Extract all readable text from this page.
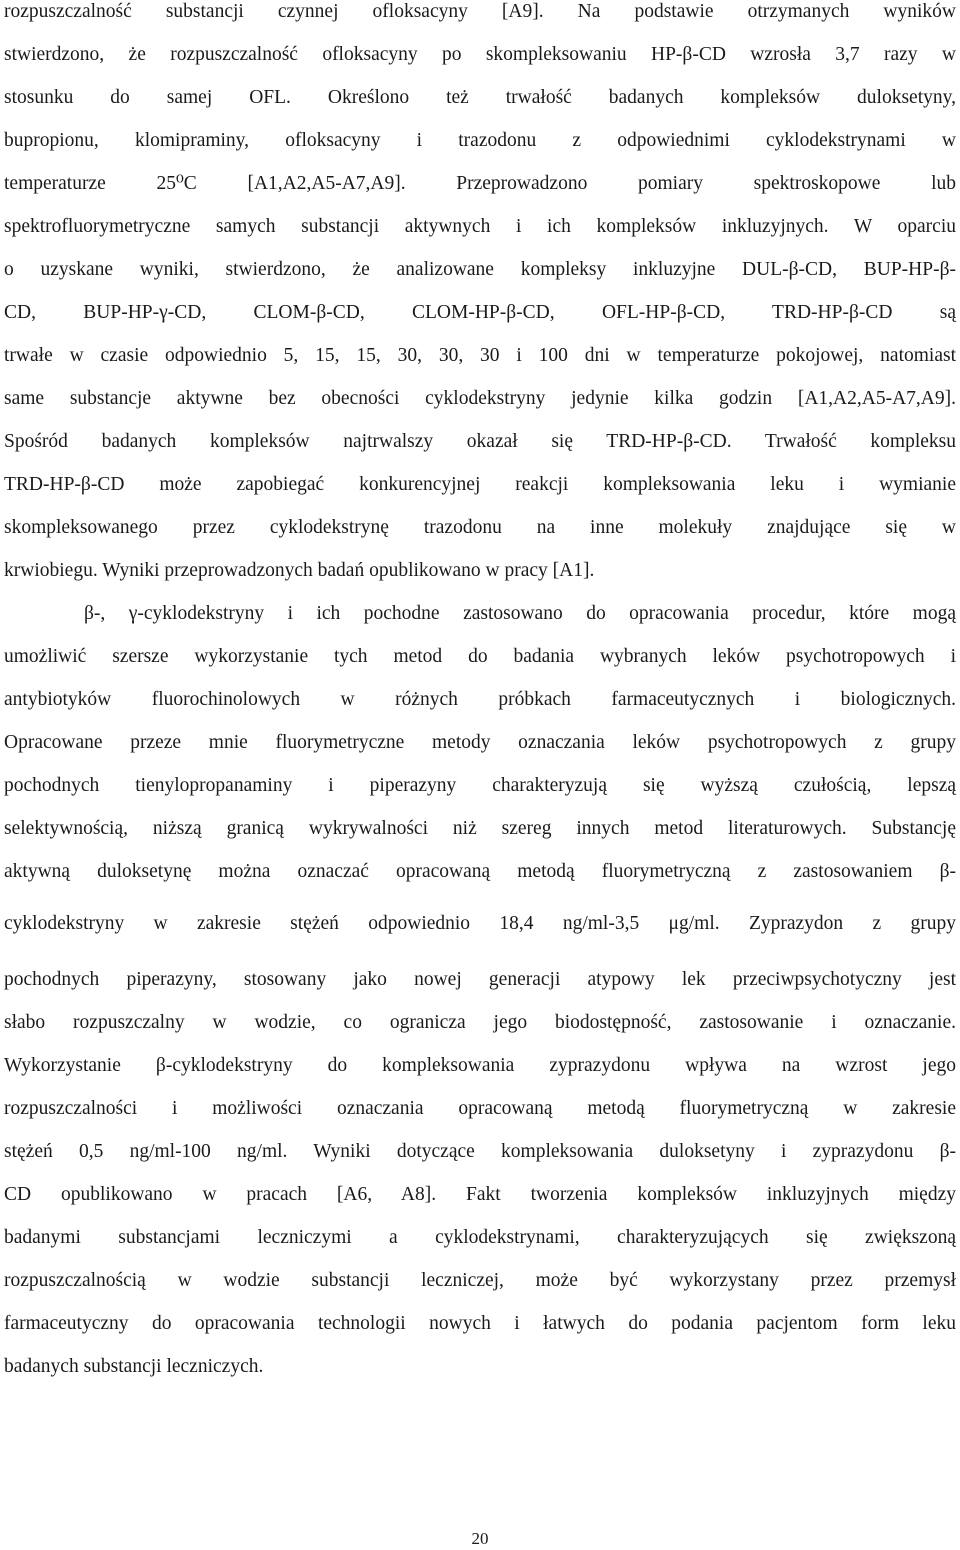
rozpuszczalność substancji czynnej ofloksacyny [A9]. Na podstawie otrzymanych wyników
stwierdzono, że rozpuszczalność ofloksacyny po skompleksowaniu HP-β-CD wzrosła 3,7 razy w
stosunku do samej OFL. Określono też trwałość badanych kompleksów duloksetyny,
bupropionu, klomipraminy, ofloksacyny i trazodonu z odpowiednimi cyklodekstrynami w
temperaturze 25⁰C [A1,A2,A5-A7,A9]. Przeprowadzono pomiary spektroskopowe lub
spektrofluorymetryczne samych substancji aktywnych i ich kompleksów inkluzyjnych. W oparciu
o uzyskane wyniki, stwierdzono, że analizowane kompleksy inkluzyjne DUL-β-CD, BUP-HP-β-
CD, BUP-HP-γ-CD, CLOM-β-CD, CLOM-HP-β-CD, OFL-HP-β-CD, TRD-HP-β-CD są
trwałe w czasie odpowiednio 5, 15, 15, 30, 30, 30 i 100 dni w temperaturze pokojowej, natomiast
same substancje aktywne bez obecności cyklodekstryny jedynie kilka godzin [A1,A2,A5-A7,A9].
Spośród badanych kompleksów najtrwalszy okazał się TRD-HP-β-CD. Trwałość kompleksu
TRD-HP-β-CD może zapobiegać konkurencyjnej reakcji kompleksowania leku i wymianie
skompleksowanego przez cyklodekstrynę trazodonu na inne molekuły znajdujące się w
krwiobiegu. Wyniki przeprowadzonych badań opublikowano w pracy [A1].
β-, γ-cyklodekstryny i ich pochodne zastosowano do opracowania procedur, które mogą
umożliwić szersze wykorzystanie tych metod do badania wybranych leków psychotropowych i
antybiotyków fluorochinolowych w różnych próbkach farmaceutycznych i biologicznych.
Opracowane przeze mnie fluorymetryczne metody oznaczania leków psychotropowych z grupy
pochodnych tienylopropanaminy i piperazyny charakteryzują się wyższą czułością, lepszą
selektywnością, niższą granicą wykrywalności niż szereg innych metod literaturowych. Substancję
aktywną duloksetynę można oznaczać opracowaną metodą fluorymetryczną z zastosowaniem β-
cyklodekstryny w zakresie stężeń odpowiednio 18,4 ng/ml-3,5 μg/ml. Zyprazydon z grupy
pochodnych piperazyny, stosowany jako nowej generacji atypowy lek przeciwpsychotyczny jest
słabo rozpuszczalny w wodzie, co ogranicza jego biodostępność, zastosowanie i oznaczanie.
Wykorzystanie β-cyklodekstryny do kompleksowania zyprazydonu wpływa na wzrost jego
rozpuszczalności i możliwości oznaczania opracowaną metodą fluorymetryczną w zakresie
stężeń 0,5 ng/ml-100 ng/ml. Wyniki dotyczące kompleksowania duloksetyny i zyprazydonu β-
CD opublikowano w pracach [A6, A8]. Fakt tworzenia kompleksów inkluzyjnych między
badanymi substancjami leczniczymi a cyklodekstrynami, charakteryzujących się zwiększoną
rozpuszczalnością w wodzie substancji leczniczej, może być wykorzystany przez przemysł
farmaceutyczny do opracowania technologii nowych i łatwych do podania pacjentom form leku
badanych substancji leczniczych.
20
